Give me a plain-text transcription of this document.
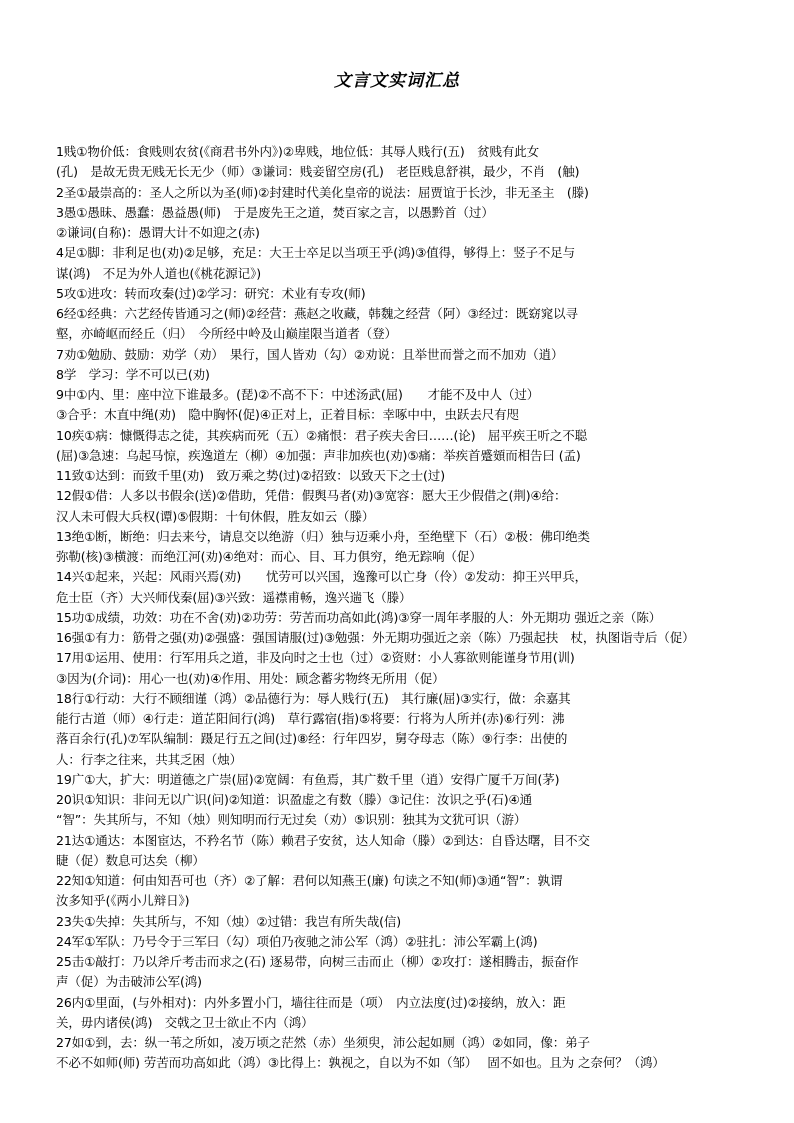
文言文实词汇总
1贱①物价低：食贱则农贫(《商君书外内》)②卑贱，地位低：其辱人贱行(五)　贫贱有此女
(孔)　是故无贵无贱无长无少（师）③谦词：贱妾留空房(孔)　老臣贱息舒祺，最少，不肖　(触)
2圣①最崇高的：圣人之所以为圣(师)②封建时代美化皇帝的说法：屈贾谊于长沙，非无圣主　(滕)
3愚①愚昧、愚蠢：愚益愚(师)　于是废先王之道，焚百家之言，以愚黔首（过）
②谦词(自称)：愚谓大计不如迎之(赤)
4足①脚：非利足也(劝)②足够，充足：大王士卒足以当项王乎(鸿)③值得，够得上：竖子不足与
谋(鸿)　不足为外人道也(《桃花源记》)
5攻①进攻：转而攻秦(过)②学习：研究：术业有专攻(师)
6经①经典：六艺经传皆通习之(师)②经营：燕赵之收藏，韩魏之经营（阿）③经过：既窈窕以寻
壑，亦崎岖而经丘（归）　今所经中岭及山巅崖限当道者（登）
7劝①勉励、鼓励：劝学（劝）　果行，国人皆劝（勾）②劝说：且举世而誉之而不加劝（逍）
8学　学习：学不可以已(劝)
9中①内、里：座中泣下谁最多。(琵)②不高不下：中述汤武(屈)　　才能不及中人（过）
③合乎：木直中绳(劝)　隐中胸怀(促)④正对上，正着目标：幸啄中中，虫跃去尺有咫
10疾①病：慷慨得志之徒，其疾病而死（五）②痛恨：君子疾夫舍曰……(论)　屈平疾王听之不聪
(屈)③急速：乌起马惊，疾逸道左（柳）④加强：声非加疾也(劝)⑤痛：举疾首蹙頞而相告曰 (孟)
11致①达到：而致千里(劝)　致万乘之势(过)②招致：以致天下之士(过)
12假①借：人多以书假余(送)②借助，凭借：假舆马者(劝)③宽容：愿大王少假借之(荆)④给：
汉人未可假大兵权(谭)⑤假期：十旬休假，胜友如云（滕）
13绝①断，断绝：归去来兮，请息交以绝游（归）独与迈乘小舟，至绝壁下（石）②极：佛印绝类
弥勒(核)③横渡：而绝江河(劝)④绝对：而心、目、耳力俱穷，绝无踪响（促）
14兴①起来，兴起：风雨兴焉(劝)　　忧劳可以兴国，逸豫可以亡身（伶）②发动：抑王兴甲兵，
危士臣（齐）大兴师伐秦(屈)③兴致：遥襟甫畅，逸兴遄飞（滕）
15功①成绩，功效：功在不舍(劝)②功劳：劳苦而功高如此(鸿)③穿一周年孝服的人：外无期功 强近之亲（陈）
16强①有力：筋骨之强(劝)②强盛：强国请服(过)③勉强：外无期功强近之亲（陈）乃强起扶　杖，执图诣寺后（促）
17用①运用、使用：行军用兵之道，非及向时之士也（过）②资财：小人寡欲则能谨身节用(训)
③因为(介词)：用心一也(劝)④作用、用处：顾念蓄劣物终无所用（促）
18行①行动：大行不顾细谨（鸿）②品德行为：辱人贱行(五)　其行廉(屈)③实行，做：余嘉其
能行古道（师）④行走：道芷阳间行(鸿)　草行露宿(指)⑤将要：行将为人所并(赤)⑥行列：沸
落百余行(孔)⑦军队编制：蹑足行五之间(过)⑧经：行年四岁，舅夺母志（陈）⑨行李：出使的
人：行李之往来，共其乏困（烛）
19广①大，扩大：明道德之广崇(屈)②宽阔：有鱼焉，其广数千里（逍）安得广厦千万间(茅)
20识①知识：非问无以广识(问)②知道：识盈虚之有数（滕）③记住：汝识之乎(石)④通
“智”：失其所与，不知（烛）则知明而行无过矣（劝）⑤识别：独其为文犹可识（游）
21达①通达：本图宦达，不矜名节（陈）赖君子安贫，达人知命（滕）②到达：自昏达曙，目不交
睫（促）数息可达矣（柳）
22知①知道：何由知吾可也（齐）②了解：君何以知燕王(廉) 句读之不知(师)③通“智”：孰谓
汝多知乎(《两小儿辩日》)
23失①失掉：失其所与，不知（烛）②过错：我岂有所失哉(信)
24军①军队：乃号令于三军曰（勾）项伯乃夜驰之沛公军（鸿）②驻扎：沛公军霸上(鸿)
25击①敲打：乃以斧斤考击而求之(石) 逐易带，向树三击而止（柳）②攻打：遂相腾击，振奋作
声（促）为击破沛公军(鸿)
26内①里面，(与外相对)：内外多置小门，墙往往而是（项）　内立法度(过)②接纳，放入：距
关，毋内诸侯(鸿)　交戟之卫士欲止不内（鸿）
27如①到，去：纵一苇之所如，凌万顷之茫然（赤）坐须臾，沛公起如厕（鸿）②如同，像：弟子
不必不如师(师) 劳苦而功高如此（鸿）③比得上：孰视之，自以为不如（邹）　 固不如也。且为 之奈何？（鸿）
